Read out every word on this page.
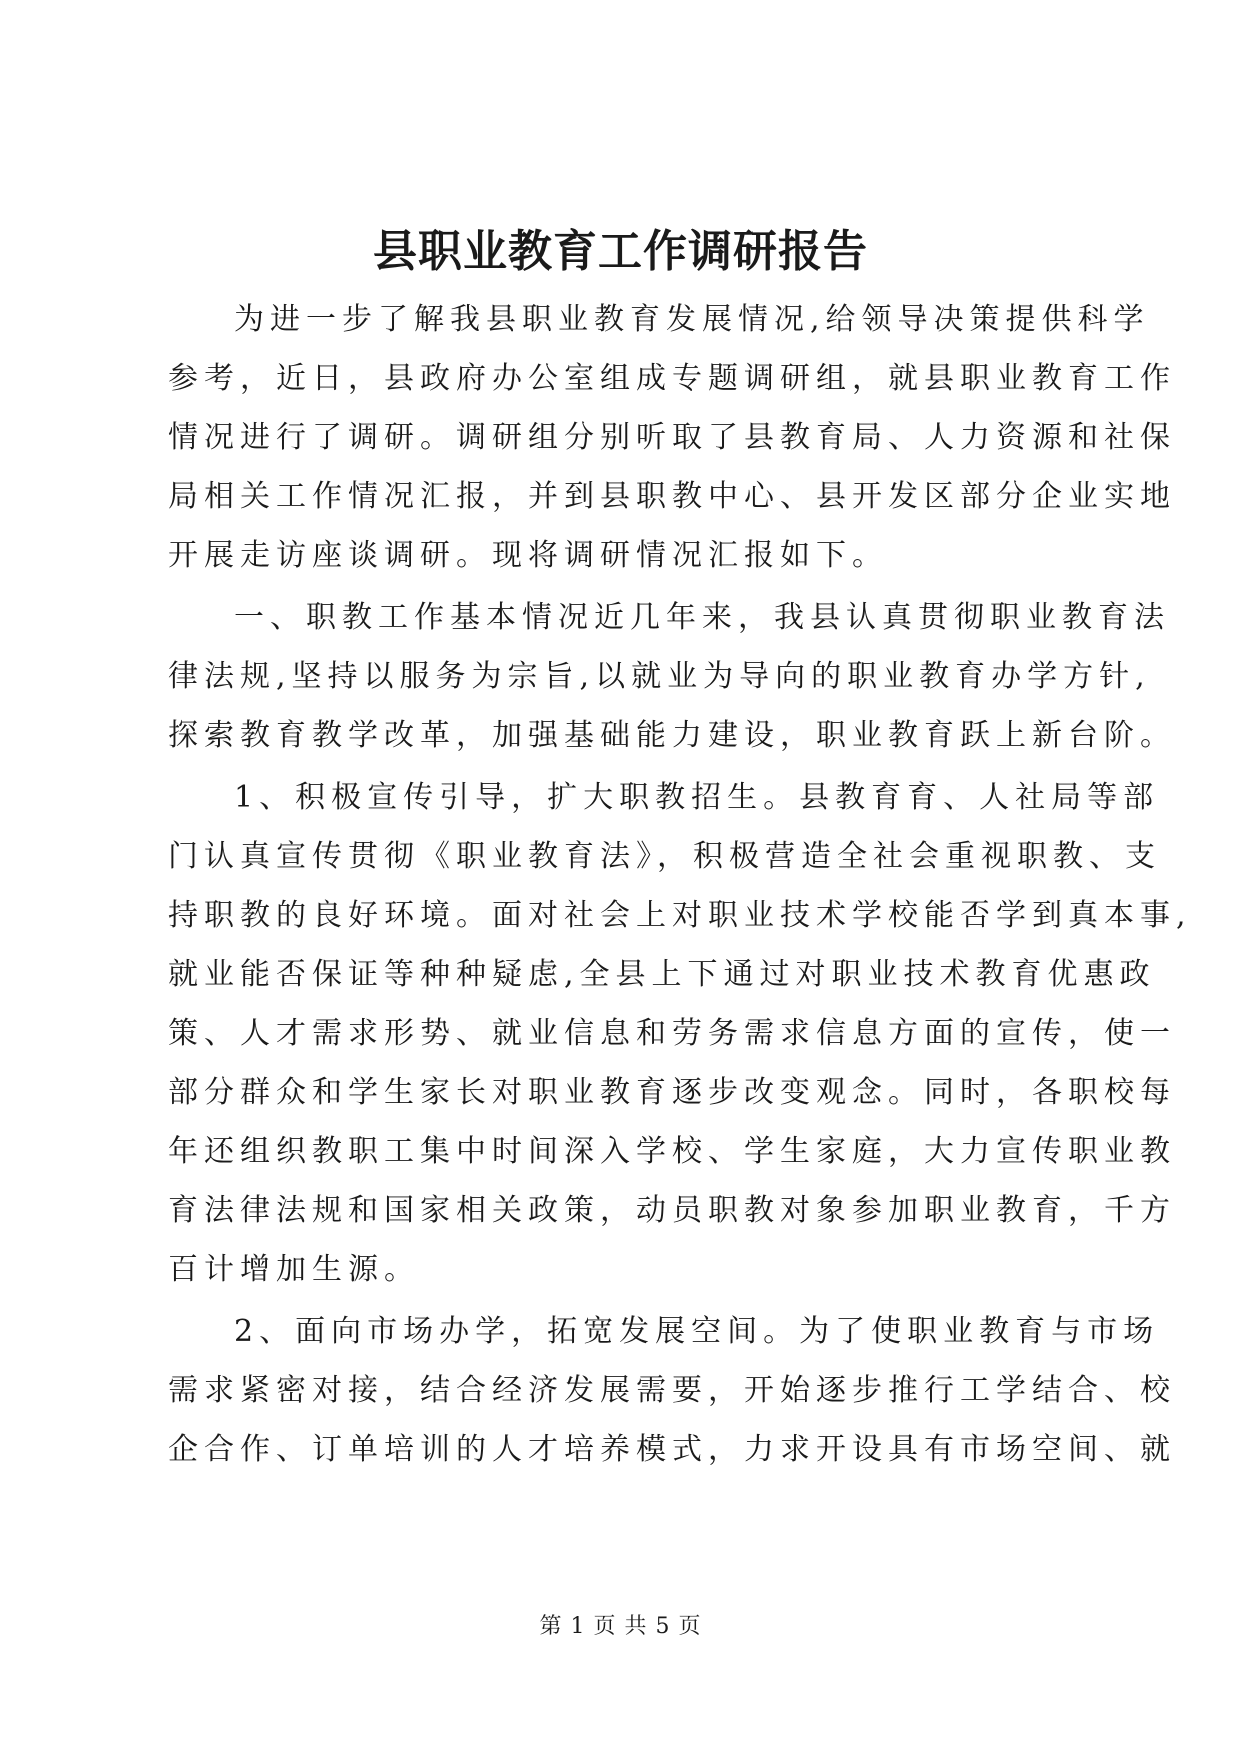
县职业教育工作调研报告
为进一步了解我县职业教育发展情况,给领导决策提供科学
参考，近日，县政府办公室组成专题调研组，就县职业教育工作
情况进行了调研。调研组分别听取了县教育局、人力资源和社保
局相关工作情况汇报，并到县职教中心、县开发区部分企业实地
开展走访座谈调研。现将调研情况汇报如下。
一、职教工作基本情况近几年来，我县认真贯彻职业教育法
律法规,坚持以服务为宗旨,以就业为导向的职业教育办学方针,
探索教育教学改革，加强基础能力建设，职业教育跃上新台阶。
1、积极宣传引导，扩大职教招生。县教育育、人社局等部
门认真宣传贯彻《职业教育法》，积极营造全社会重视职教、支
持职教的良好环境。面对社会上对职业技术学校能否学到真本事,
就业能否保证等种种疑虑,全县上下通过对职业技术教育优惠政
策、人才需求形势、就业信息和劳务需求信息方面的宣传，使一
部分群众和学生家长对职业教育逐步改变观念。同时，各职校每
年还组织教职工集中时间深入学校、学生家庭，大力宣传职业教
育法律法规和国家相关政策，动员职教对象参加职业教育，千方
百计增加生源。
2、面向市场办学，拓宽发展空间。为了使职业教育与市场
需求紧密对接，结合经济发展需要，开始逐步推行工学结合、校
企合作、订单培训的人才培养模式，力求开设具有市场空间、就
第 1 页 共 5 页
